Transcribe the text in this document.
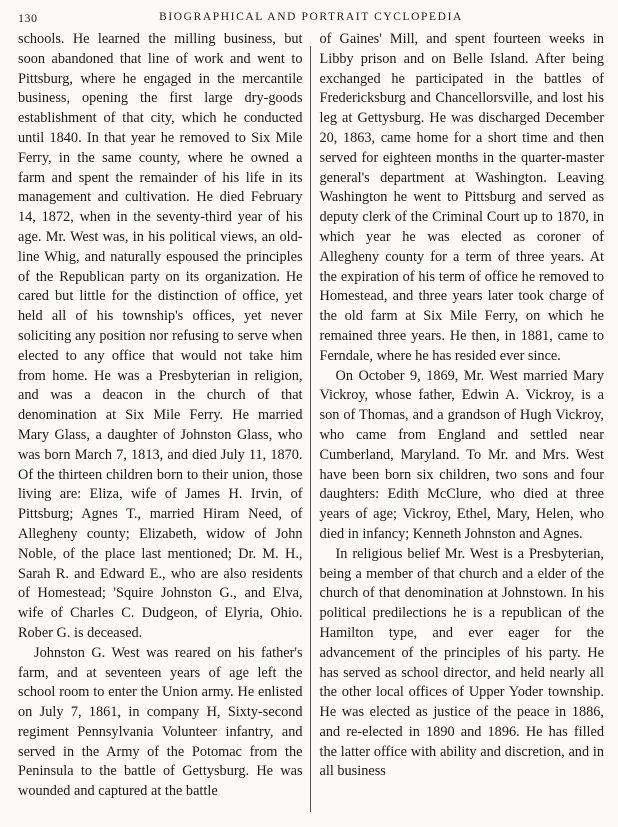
130	BIOGRAPHICAL AND PORTRAIT CYCLOPEDIA

schools. He learned the milling business, but soon abandoned that line of work and went to Pittsburg, where he engaged in the mercantile business, opening the first large dry-goods establishment of that city, which he conducted until 1840. In that year he removed to Six Mile Ferry, in the same county, where he owned a farm and spent the remainder of his life in its management and cultivation. He died February 14, 1872, when in the seventy-third year of his age. Mr. West was, in his political views, an old-line Whig, and naturally espoused the principles of the Republican party on its organization. He cared but little for the distinction of office, yet held all of his township's offices, yet never soliciting any position nor refusing to serve when elected to any office that would not take him from home. He was a Presbyterian in religion, and was a deacon in the church of that denomination at Six Mile Ferry. He married Mary Glass, a daughter of Johnston Glass, who was born March 7, 1813, and died July 11, 1870. Of the thirteen children born to their union, those living are: Eliza, wife of James H. Irvin, of Pittsburg; Agnes T., married Hiram Need, of Allegheny county; Elizabeth, widow of John Noble, of the place last mentioned; Dr. M. H., Sarah R. and Edward E., who are also residents of Homestead; 'Squire Johnston G., and Elva, wife of Charles C. Dudgeon, of Elyria, Ohio. Rober G. is deceased.

Johnston G. West was reared on his father's farm, and at seventeen years of age left the school room to enter the Union army. He enlisted on July 7, 1861, in company H, Sixty-second regiment Pennsylvania Volunteer infantry, and served in the Army of the Potomac from the Peninsula to the battle of Gettysburg. He was wounded and captured at the battle

of Gaines' Mill, and spent fourteen weeks in Libby prison and on Belle Island. After being exchanged he participated in the battles of Fredericksburg and Chancellorsville, and lost his leg at Gettysburg. He was discharged December 20, 1863, came home for a short time and then served for eighteen months in the quarter-master general's department at Washington. Leaving Washington he went to Pittsburg and served as deputy clerk of the Criminal Court up to 1870, in which year he was elected as coroner of Allegheny county for a term of three years. At the expiration of his term of office he removed to Homestead, and three years later took charge of the old farm at Six Mile Ferry, on which he remained three years. He then, in 1881, came to Ferndale, where he has resided ever since.

On October 9, 1869, Mr. West married Mary Vickroy, whose father, Edwin A. Vickroy, is a son of Thomas, and a grandson of Hugh Vickroy, who came from England and settled near Cumberland, Maryland. To Mr. and Mrs. West have been born six children, two sons and four daughters: Edith McClure, who died at three years of age; Vickroy, Ethel, Mary, Helen, who died in infancy; Kenneth Johnston and Agnes.

In religious belief Mr. West is a Presbyterian, being a member of that church and a elder of the church of that denomination at Johnstown. In his political predilections he is a republican of the Hamilton type, and ever eager for the advancement of the principles of his party. He has served as school director, and held nearly all the other local offices of Upper Yoder township. He was elected as justice of the peace in 1886, and re-elected in 1890 and 1896. He has filled the latter office with ability and discretion, and in all business
